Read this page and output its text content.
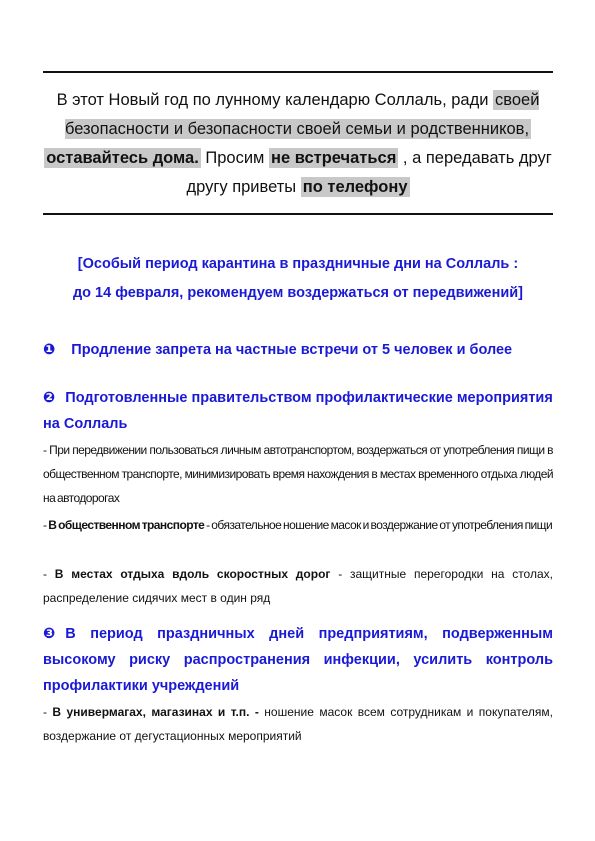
В этот Новый год по лунному календарю Соллаль, ради своей безопасности и безопасности своей семьи и родственников, оставайтесь дома. Просим не встречаться , а передавать друг другу приветы по телефону
[Особый период карантина в праздничные дни на Соллаль :
до 14 февраля, рекомендуем воздержаться от передвижений]
❶ Продление запрета на частные встречи от 5 человек и более
❷ Подготовленные правительством профилактические мероприятия на Соллаль
- При передвижении пользоваться личным автотранспортом, воздержаться от употребления пищи в общественном транспорте, минимизировать время нахождения в местах временного отдыха людей на автодорогах
- В общественном транспорте - обязательное ношение масок и воздержание от употребления пищи
- В местах отдыха вдоль скоростных дорог - защитные перегородки на столах, распределение сидячих мест в один ряд
❸ В период праздничных дней предприятиям, подверженным высокому риску распространения инфекции, усилить контроль профилактики учреждений
- В универмагах, магазинах и т.п. - ношение масок всем сотрудникам и покупателям, воздержание от дегустационных мероприятий
